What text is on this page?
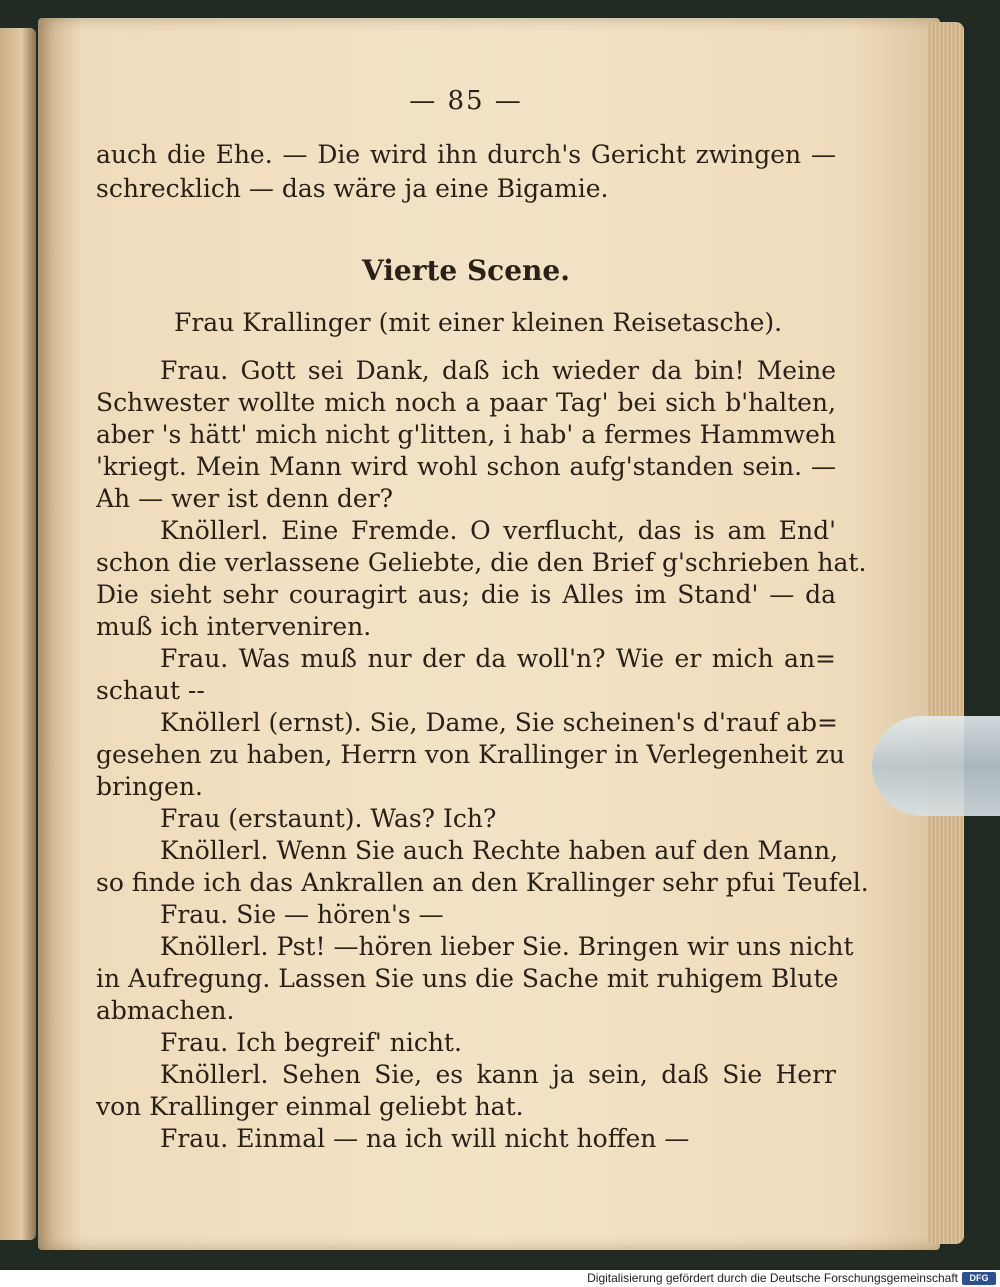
— 85 —
auch die Ehe. — Die wird ihn durch's Gericht zwingen —
schrecklich — das wäre ja eine Bigamie.
Vierte Scene.
Frau Krallinger (mit einer kleinen Reisetasche).
Frau. Gott sei Dank, daß ich wieder da bin! Meine
Schwester wollte mich noch a paar Tag' bei sich b'halten,
aber 's hätt' mich nicht g'litten, i hab' a fermes Hammweh
'kriegt. Mein Mann wird wohl schon aufg'standen sein. —
Ah — wer ist denn der?
Knöllerl. Eine Fremde. O verflucht, das is am End'
schon die verlassene Geliebte, die den Brief g'schrieben hat.
Die sieht sehr couragirt aus; die is Alles im Stand' — da
muß ich interveniren.
Frau. Was muß nur der da woll'n? Wie er mich an=
schaut --
Knöllerl (ernst). Sie, Dame, Sie scheinen's d'rauf ab=
gesehen zu haben, Herrn von Krallinger in Verlegenheit zu
bringen.
Frau (erstaunt). Was? Ich?
Knöllerl. Wenn Sie auch Rechte haben auf den Mann,
so finde ich das Ankrallen an den Krallinger sehr pfui Teufel.
Frau. Sie — hören's —
Knöllerl. Pst! —hören lieber Sie. Bringen wir uns nicht
in Aufregung. Lassen Sie uns die Sache mit ruhigem Blute
abmachen.
Frau. Ich begreif' nicht.
Knöllerl. Sehen Sie, es kann ja sein, daß Sie Herr
von Krallinger einmal geliebt hat.
Frau. Einmal — na ich will nicht hoffen —
Digitalisierung gefördert durch die Deutsche Forschungsgemeinschaft	DFG
